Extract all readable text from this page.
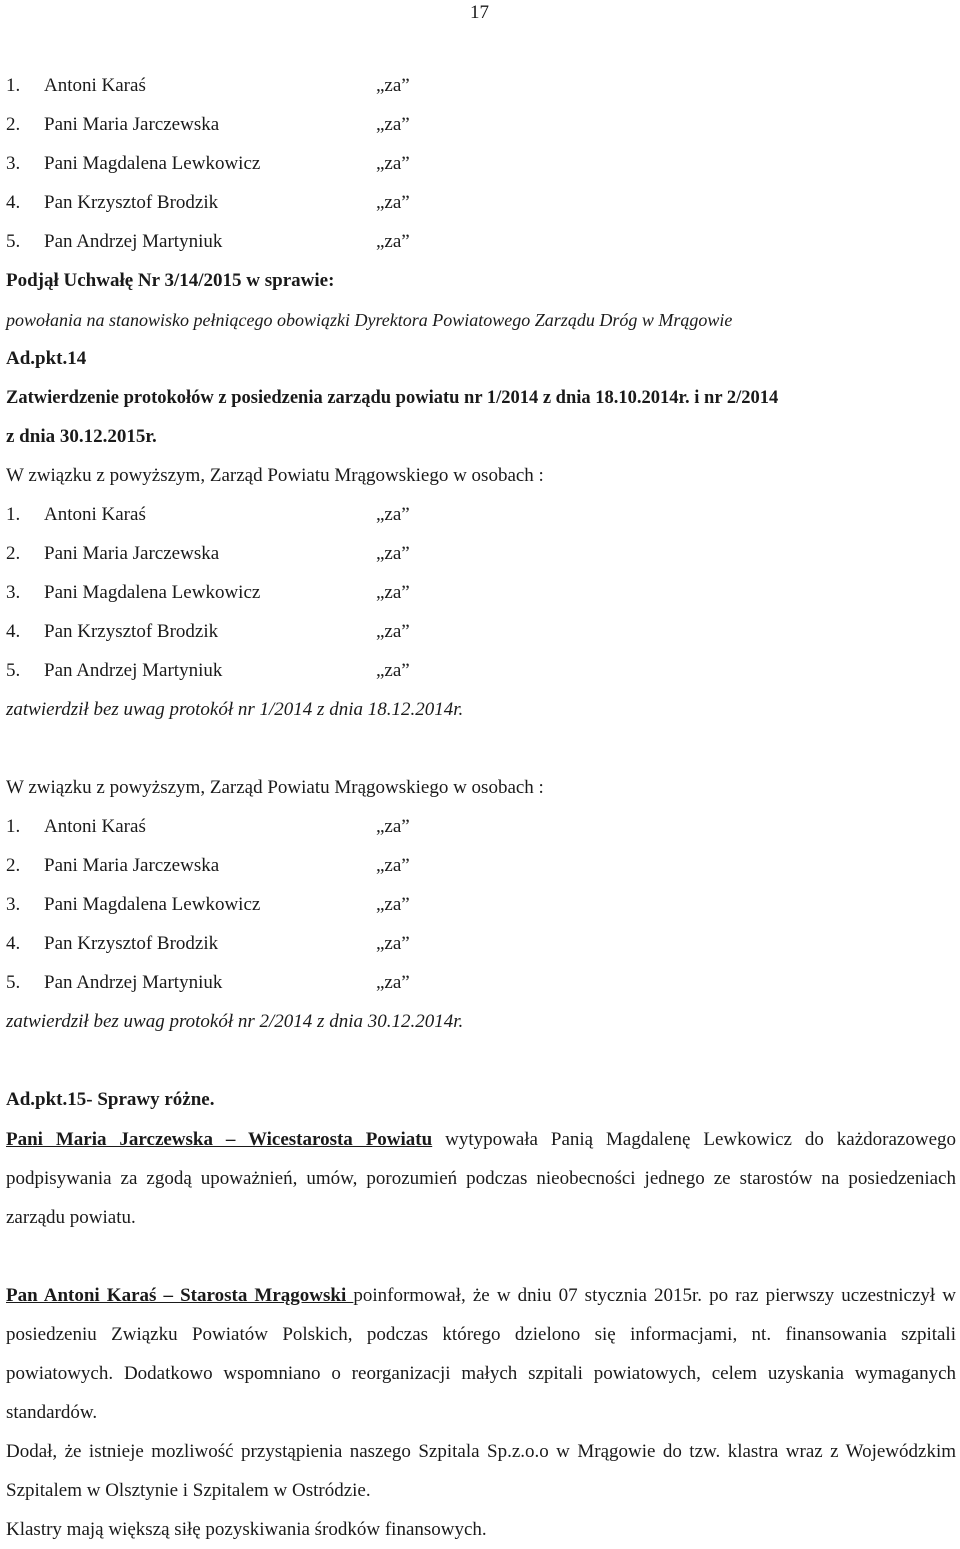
17
1. Antoni Karaś	„za”
2. Pani Maria Jarczewska	„za”
3. Pani Magdalena Lewkowicz	„za”
4. Pan Krzysztof Brodzik	„za”
5. Pan Andrzej Martyniuk	„za”
Podjął Uchwałę Nr 3/14/2015 w sprawie:
powołania na stanowisko pełniącego obowiązki Dyrektora Powiatowego Zarządu Dróg w Mrągowie
Ad.pkt.14
Zatwierdzenie protokołów z posiedzenia zarządu powiatu nr 1/2014 z dnia 18.10.2014r. i nr 2/2014
z dnia 30.12.2015r.
W związku z powyższym, Zarząd Powiatu Mrągowskiego w osobach :
1. Antoni Karaś	„za”
2. Pani Maria Jarczewska	„za”
3. Pani Magdalena Lewkowicz	„za”
4. Pan Krzysztof Brodzik	„za”
5. Pan Andrzej Martyniuk	„za”
zatwierdził bez uwag protokół nr 1/2014 z dnia 18.12.2014r.
W związku z powyższym, Zarząd Powiatu Mrągowskiego w osobach :
1. Antoni Karaś	„za”
2. Pani Maria Jarczewska	„za”
3. Pani Magdalena Lewkowicz	„za”
4. Pan Krzysztof Brodzik	„za”
5. Pan Andrzej Martyniuk	„za”
zatwierdził bez uwag protokół nr 2/2014 z dnia 30.12.2014r.
Ad.pkt.15- Sprawy różne.
Pani Maria Jarczewska – Wicestarosta Powiatu wytypowała Panią Magdalenę Lewkowicz do każdorazowego podpisywania za zgodą upoważnień, umów, porozumień podczas nieobecności jednego ze starostów na posiedzeniach zarządu powiatu.
Pan Antoni Karaś – Starosta Mrągowski poinformował, że w dniu 07 stycznia 2015r. po raz pierwszy uczestniczył w posiedzeniu Związku Powiatów Polskich, podczas którego dzielono się informacjami, nt. finansowania szpitali powiatowych. Dodatkowo wspomniano o reorganizacji małych szpitali powiatowych, celem uzyskania wymaganych standardów.
Dodał, że istnieje mozliwość przystąpienia naszego Szpitala Sp.z.o.o w Mrągowie do tzw. klastra wraz z Wojewódzkim Szpitalem w Olsztynie i Szpitalem w Ostródzie.
Klastry mają większą siłę pozyskiwania środków finansowych.
